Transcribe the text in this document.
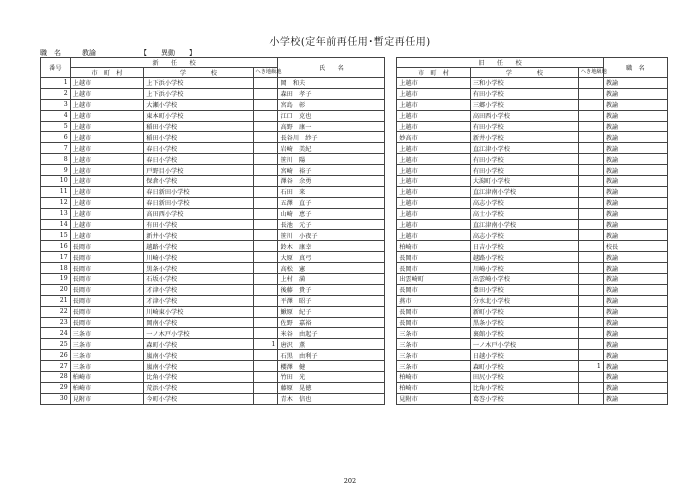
小学校(定年前再任用･暫定再任用)
職　名	教諭	【　　異動　　】
番号	新　　任　　校			氏　　名		旧　　任　　校			職　名
	市　町　村	学　　　　校	へき地級地			市　町　村	学　　　　校	へき地級地	
1	上越市	上下浜小学校		岡　和夫		上越市	三和小学校		教諭
2	上越市	上下浜小学校		森田　孝子		上越市	有田小学校		教諭
3	上越市	大瀬小学校		宮島　彰		上越市	三郷小学校		教諭
4	上越市	東本町小学校		江口　克也		上越市	高田西小学校		教諭
5	上越市	稲田小学校		高野　康一		上越市	有田小学校		教諭
6	上越市	稲田小学校		長谷川　紗子		妙高市	新井小学校		教諭
7	上越市	春日小学校		岩崎　美紀		上越市	直江津小学校		教諭
8	上越市	春日小学校		笹川　陽		上越市	有田小学校		教諭
9	上越市	戸野目小学校		宮崎　裕子		上越市	有田小学校		教諭
10	上越市	保倉小学校		澤谷　余勇		上越市	大潟町小学校		教諭
11	上越市	春日新田小学校		石田　来		上越市	直江津南小学校		教諭
12	上越市	春日新田小学校		五澤　直子		上越市	高志小学校		教諭
13	上越市	高田西小学校		山崎　恵子		上越市	高士小学校		教諭
14	上越市	有田小学校		長池　元子		上越市	直江津南小学校		教諭
15	上越市	新井小学校		笹川　小夜子		上越市	高志小学校		教諭
16	長岡市	越路小学校		鈴木　康幸		柏崎市	日吉小学校		校長
17	長岡市	川崎小学校		大原　真弓		長岡市	越路小学校		教諭
18	長岡市	黒条小学校		高松　憲		長岡市	川崎小学校		教諭
19	長岡市	石坂小学校		上村　満		出雲崎町	出雲崎小学校		教諭
20	長岡市	才津小学校		後藤　貴子		長岡市	豊田小学校		教諭
21	長岡市	才津小学校		平澤　昭子		燕市	分水北小学校		教諭
22	長岡市	川崎東小学校		鰍原　紀子		長岡市	新町小学校		教諭
23	長岡市	岡南小学校		佐野　嘉裕		長岡市	黒条小学校		教諭
24	三条市	一ノ木戸小学校		米谷　由起子		三条市	裏館小学校		教諭
25	三条市	森町小学校	1	唐沢　薫		三条市	一ノ木戸小学校		教諭
26	三条市	嵐南小学校		石黒　由利子		三条市	日越小学校		教諭
27	三条市	嵐南小学校		櫻澤　健		三条市	森町小学校	1	教諭
28	柏崎市	比角小学校		竹田　光		柏崎市	田尻小学校		教諭
29	柏崎市	荒浜小学校		藤原　晃徳		柏崎市	比角小学校		教諭
30	見附市	今町小学校		青木　信也		見附市	葛巻小学校		教諭
202
